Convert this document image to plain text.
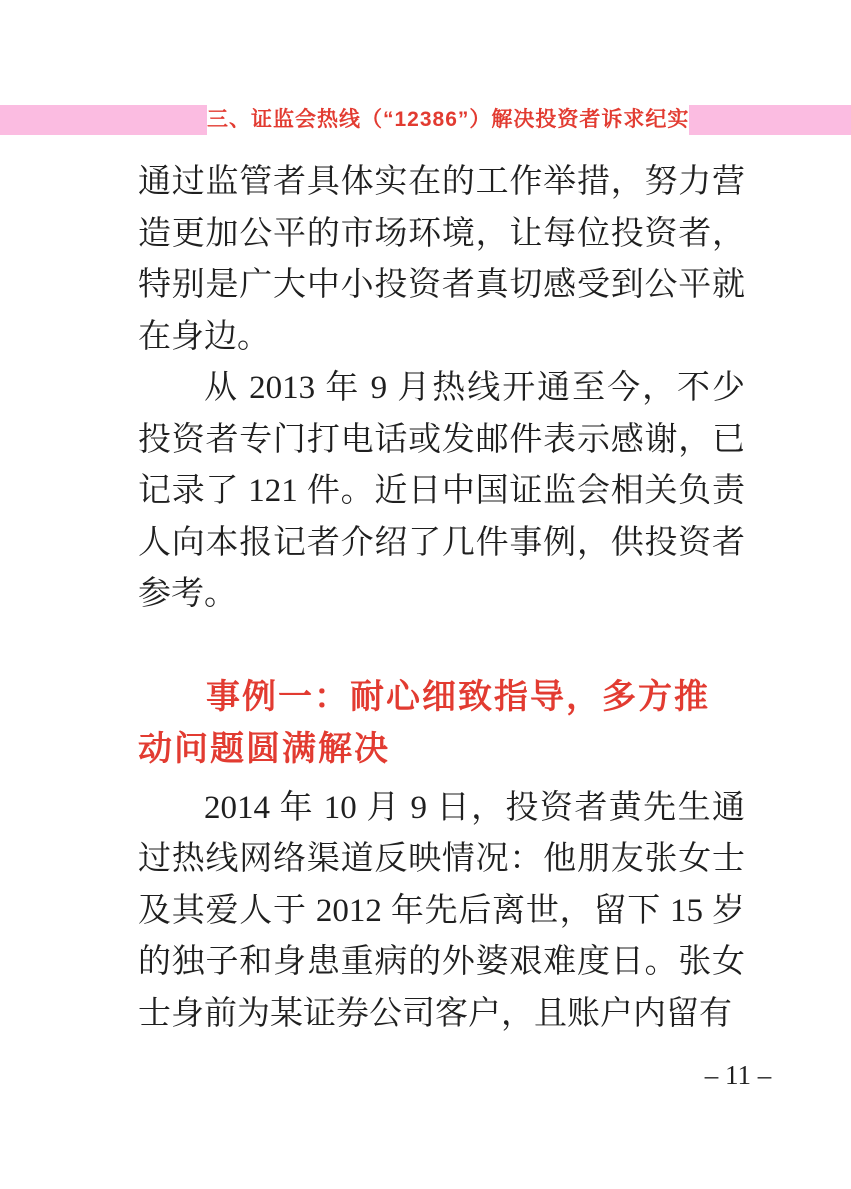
三、证监会热线（“12386”）解决投资者诉求纪实

通过监管者具体实在的工作举措，努力营造更加公平的市场环境，让每位投资者，特别是广大中小投资者真切感受到公平就在身边。

从 2013 年 9 月热线开通至今，不少投资者专门打电话或发邮件表示感谢，已记录了 121 件。近日中国证监会相关负责人向本报记者介绍了几件事例，供投资者参考。

事例一：耐心细致指导，多方推动问题圆满解决

2014 年 10 月 9 日，投资者黄先生通过热线网络渠道反映情况：他朋友张女士及其爱人于 2012 年先后离世，留下 15 岁的独子和身患重病的外婆艰难度日。张女士身前为某证券公司客户，且账户内留有

– 11 –
